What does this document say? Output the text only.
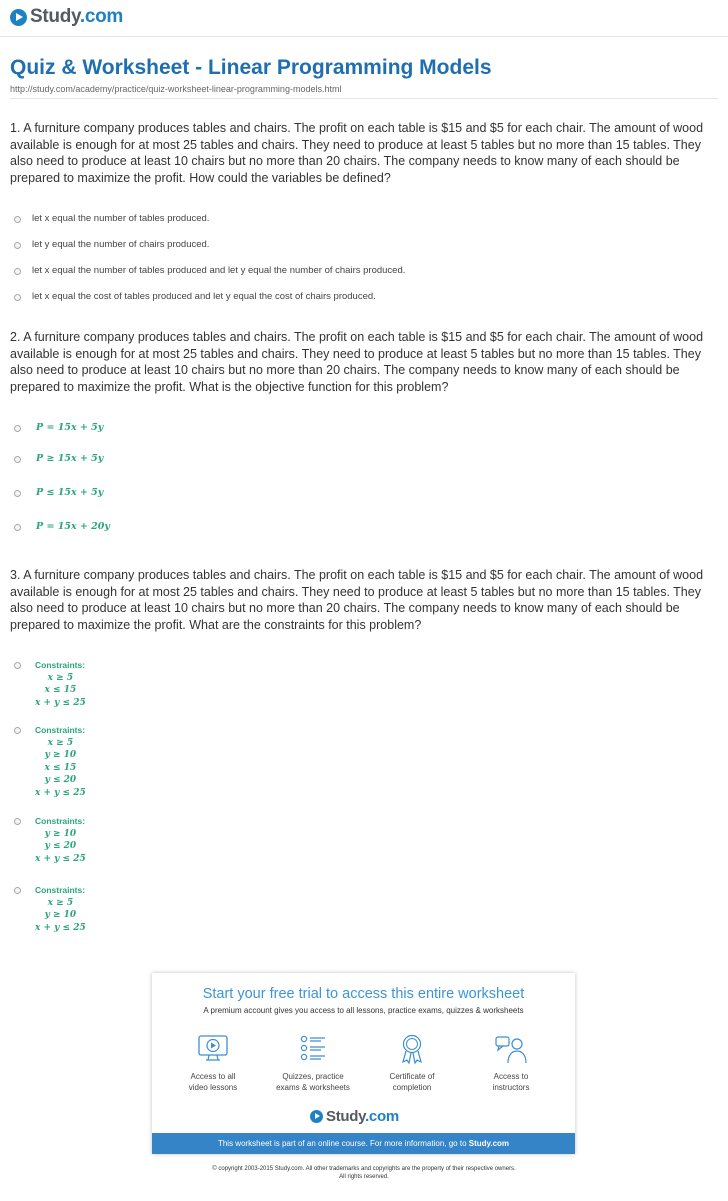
Study.com
Quiz & Worksheet - Linear Programming Models
http://study.com/academy/practice/quiz-worksheet-linear-programming-models.html

1. A furniture company produces tables and chairs. The profit on each table is $15 and $5 for each chair. The amount of wood available is enough for at most 25 tables and chairs. They need to produce at least 5 tables but no more than 15 tables. They also need to produce at least 10 chairs but no more than 20 chairs. The company needs to know many of each should be prepared to maximize the profit. How could the variables be defined?

let x equal the number of tables produced.
let y equal the number of chairs produced.
let x equal the number of tables produced and let y equal the number of chairs produced.
let x equal the cost of tables produced and let y equal the cost of chairs produced.

2. A furniture company produces tables and chairs. The profit on each table is $15 and $5 for each chair. The amount of wood available is enough for at most 25 tables and chairs. They need to produce at least 5 tables but no more than 15 tables. They also need to produce at least 10 chairs but no more than 20 chairs. The company needs to know many of each should be prepared to maximize the profit. What is the objective function for this problem?

P = 15x + 5y
P ≥ 15x + 5y
P ≤ 15x + 5y
P = 15x + 20y

3. A furniture company produces tables and chairs. The profit on each table is $15 and $5 for each chair. The amount of wood available is enough for at most 25 tables and chairs. They need to produce at least 5 tables but no more than 15 tables. They also need to produce at least 10 chairs but no more than 20 chairs. The company needs to know many of each should be prepared to maximize the profit. What are the constraints for this problem?

Constraints:
x ≥ 5
x ≤ 15
x + y ≤ 25
Constraints:
x ≥ 5
y ≥ 10
x ≤ 15
y ≤ 20
x + y ≤ 25
Constraints:
y ≥ 10
y ≤ 20
x + y ≤ 25
Constraints:
x ≥ 5
y ≥ 10
x + y ≤ 25
Start your free trial to access this entire worksheet
A premium account gives you access to all lessons, practice exams, quizzes & worksheets
Access to all
video lessons
Quizzes, practice
exams & worksheets
Certificate of
completion
Access to
instructors
Study.com
This worksheet is part of an online course. For more information, go to Study.com
© copyright 2003-2015 Study.com. All other trademarks and copyrights are the property of their respective owners.
All rights reserved.
